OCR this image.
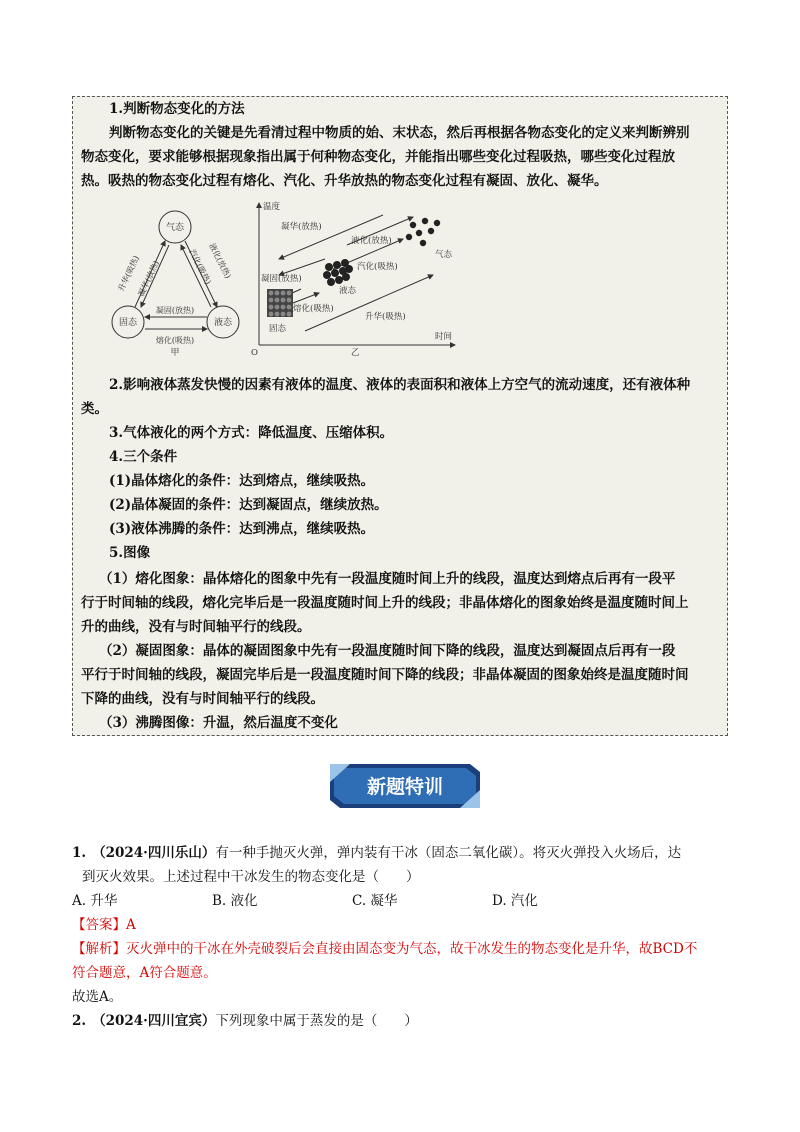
1.判断物态变化的方法
判断物态变化的关键是先看清过程中物质的始、末状态，然后再根据各物态变化的定义来判断辨别
物态变化，要求能够根据现象指出属于何种物态变化，并能指出哪些变化过程吸热，哪些变化过程放
热。吸热的物态变化过程有熔化、汽化、升华放热的物态变化过程有凝固、放化、凝华。
气态
固态	液态
升华(吸热)
凝华(放热)	汽化(吸热)
液化(放热)
凝固(放热)
熔化(吸热)
甲
温度
时间
O
凝华(放热)
液化(放热)
汽化(吸热)
凝固(放热)
熔化(吸热)
升华(吸热)
气态
液态
固态
乙
2.影响液体蒸发快慢的因素有液体的温度、液体的表面积和液体上方空气的流动速度，还有液体种
类。
3.气体液化的两个方式：降低温度、压缩体积。
4.三个条件
(1)晶体熔化的条件：达到熔点，继续吸热。
(2)晶体凝固的条件：达到凝固点，继续放热。
(3)液体沸腾的条件：达到沸点，继续吸热。
5.图像
（1）熔化图象：晶体熔化的图象中先有一段温度随时间上升的线段，温度达到熔点后再有一段平
行于时间轴的线段，熔化完毕后是一段温度随时间上升的线段；非晶体熔化的图象始终是温度随时间上
升的曲线，没有与时间轴平行的线段。
（2）凝固图象：晶体的凝固图象中先有一段温度随时间下降的线段，温度达到凝固点后再有一段
平行于时间轴的线段，凝固完毕后是一段温度随时间下降的线段；非晶体凝固的图象始终是温度随时间
下降的曲线，没有与时间轴平行的线段。
（3）沸腾图像：升温，然后温度不变化
新题特训
1. （2024·四川乐山）有一种手抛灭火弹，弹内装有干冰（固态二氧化碳）。将灭火弹投入火场后，达
到灭火效果。上述过程中干冰发生的物态变化是（　　）
A. 升华	B. 液化	C. 凝华	D. 汽化
【答案】A
【解析】灭火弹中的干冰在外壳破裂后会直接由固态变为气态，故干冰发生的物态变化是升华，故BCD不
符合题意，A符合题意。
故选A。
2. （2024·四川宜宾）下列现象中属于蒸发的是（　　）
